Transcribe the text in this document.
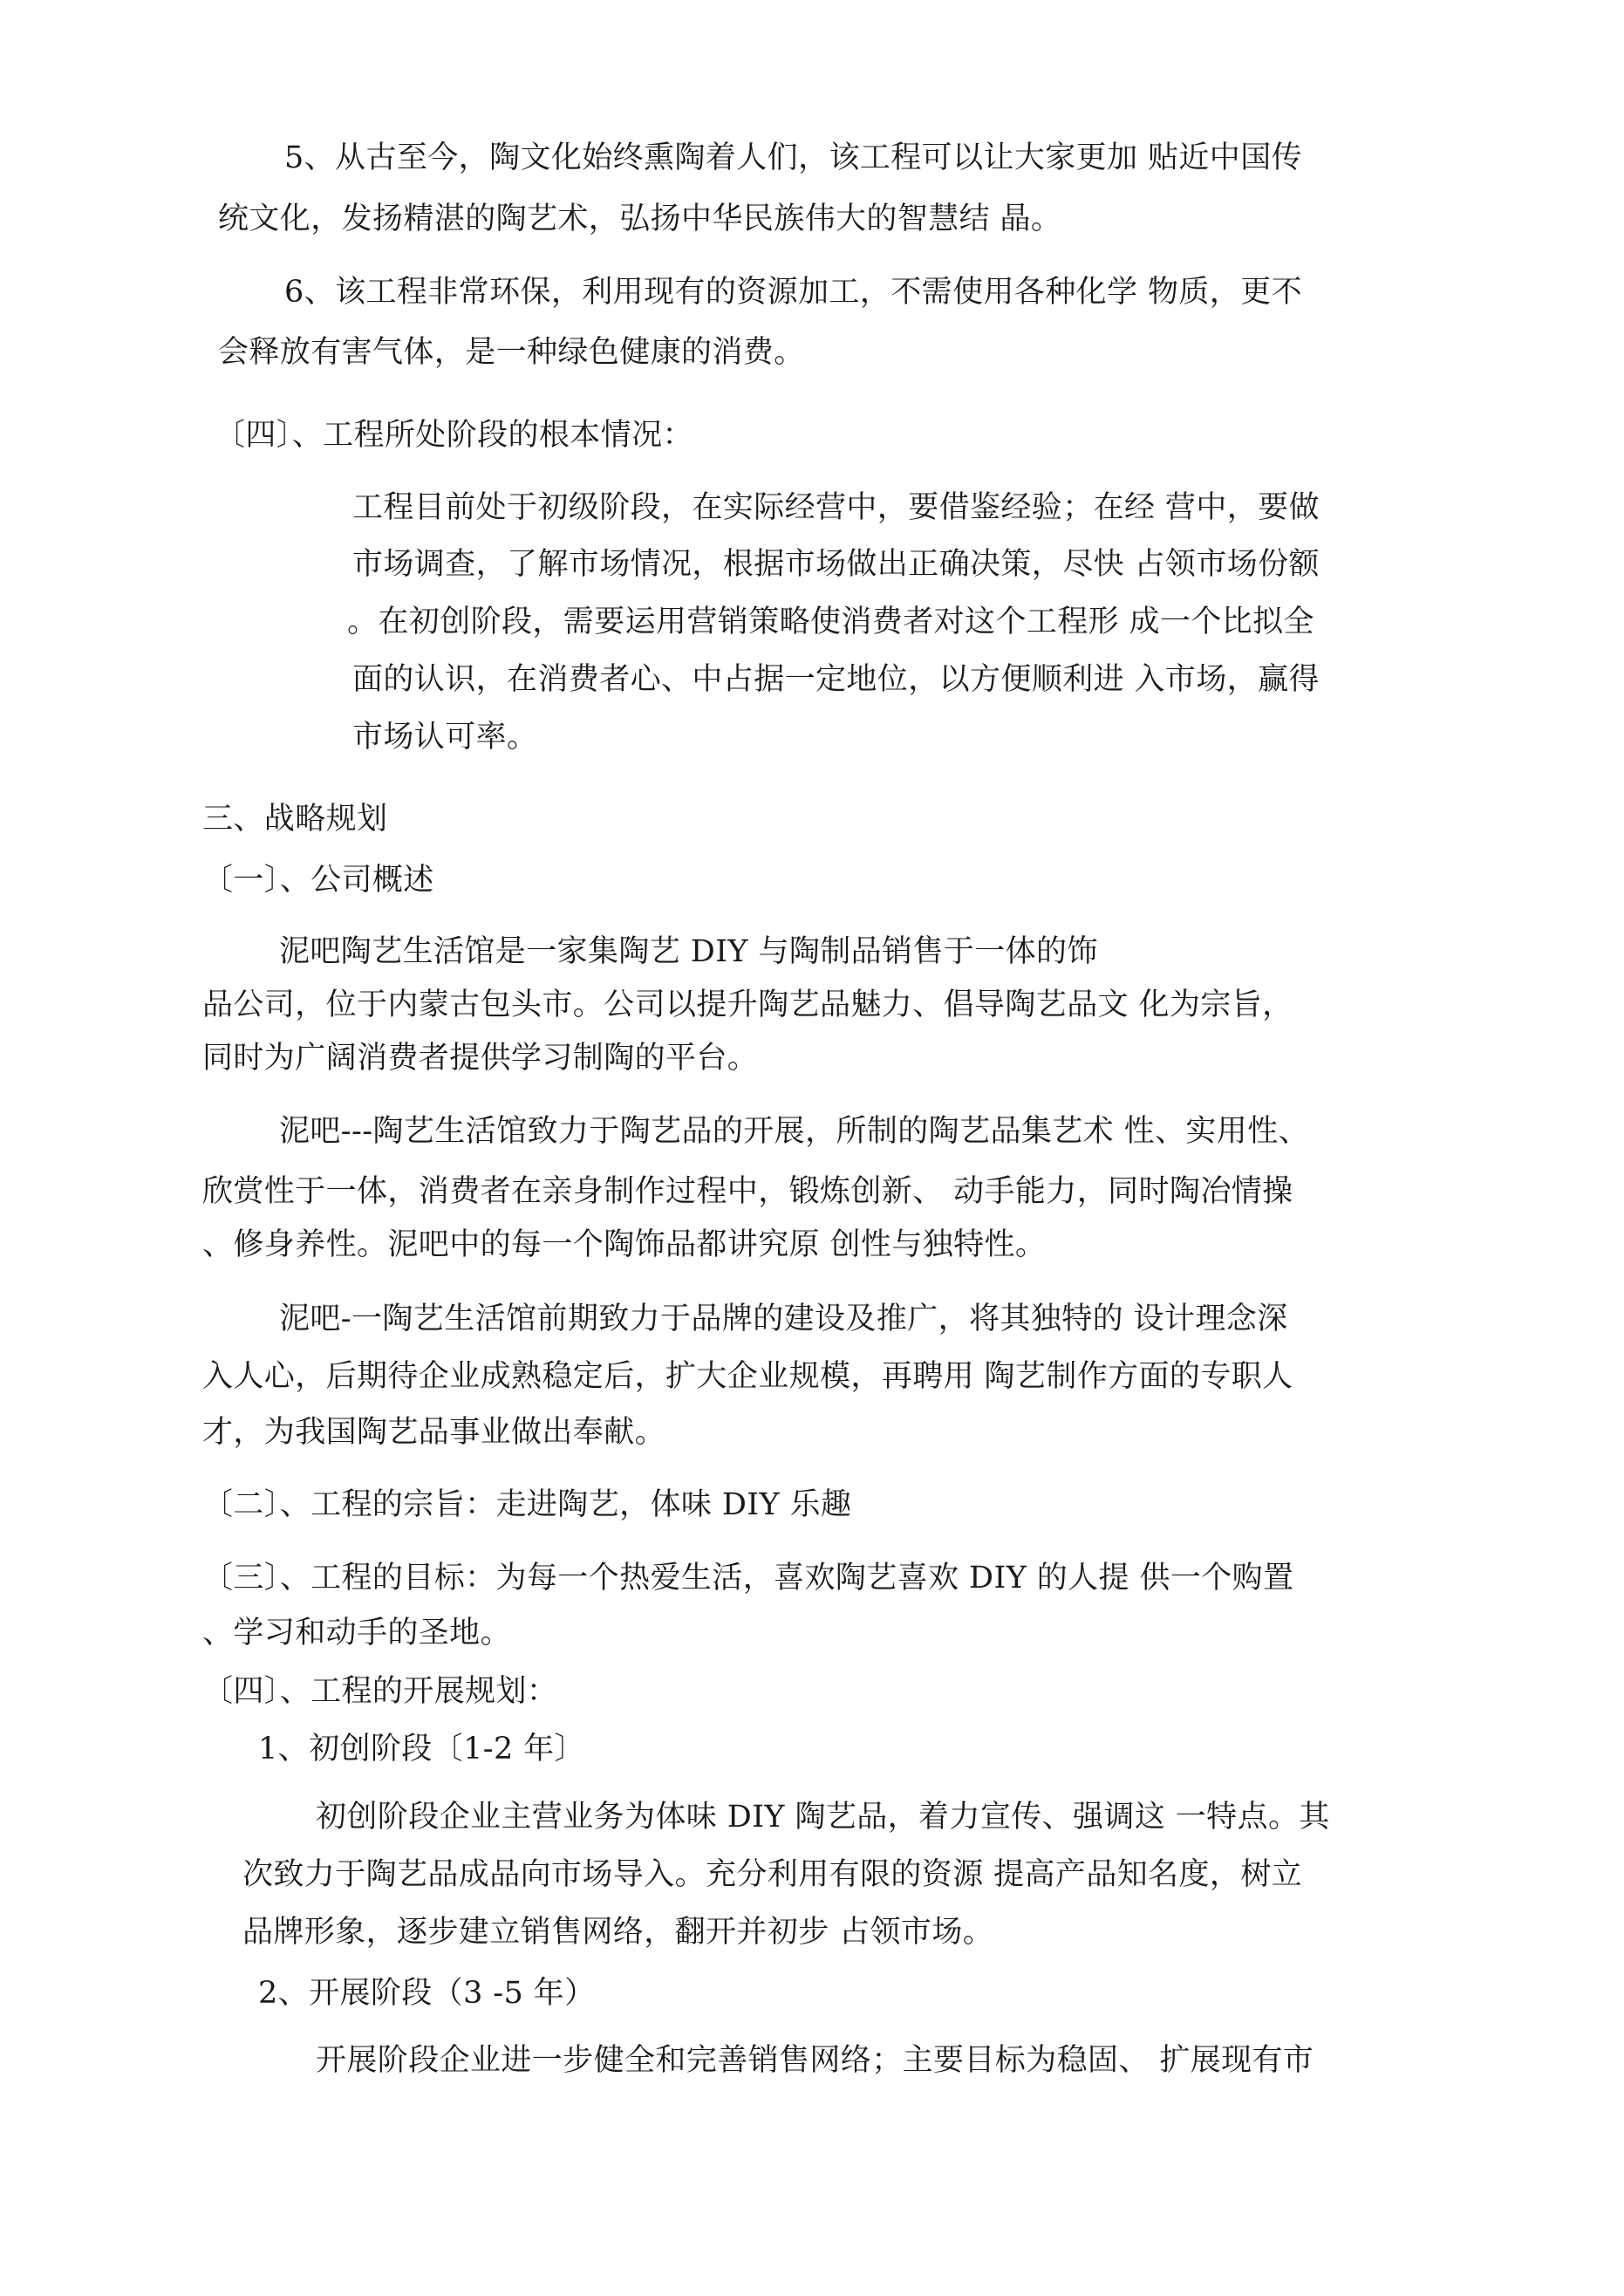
5、从古至今，陶文化始终熏陶着人们，该工程可以让大家更加 贴近中国传
统文化，发扬精湛的陶艺术，弘扬中华民族伟大的智慧结 晶。
6、该工程非常环保，利用现有的资源加工，不需使用各种化学 物质，更不
会释放有害气体，是一种绿色健康的消费。
〔四〕、工程所处阶段的根本情况：
工程目前处于初级阶段，在实际经营中，要借鉴经验；在经 营中，要做
市场调查，了解市场情况，根据市场做出正确决策，尽快 占领市场份额
。在初创阶段，需要运用营销策略使消费者对这个工程形 成一个比拟全
面的认识，在消费者心、中占据一定地位，以方便顺利进 入市场，赢得
市场认可率。
三、战略规划
〔一〕、公司概述
泥吧陶艺生活馆是一家集陶艺 DIY 与陶制品销售于一体的饰
品公司，位于内蒙古包头市。公司以提升陶艺品魅力、倡导陶艺品文 化为宗旨，
同时为广阔消费者提供学习制陶的平台。
泥吧---陶艺生活馆致力于陶艺品的开展，所制的陶艺品集艺术 性、实用性、
欣赏性于一体，消费者在亲身制作过程中，锻炼创新、 动手能力，同时陶冶情操
、修身养性。泥吧中的每一个陶饰品都讲究原 创性与独特性。
泥吧-一陶艺生活馆前期致力于品牌的建设及推广，将其独特的 设计理念深
入人心，后期待企业成熟稳定后，扩大企业规模，再聘用 陶艺制作方面的专职人
才，为我国陶艺品事业做出奉献。
〔二〕、工程的宗旨：走进陶艺，体味 DIY 乐趣
〔三〕、工程的目标：为每一个热爱生活，喜欢陶艺喜欢 DIY 的人提 供一个购置
、学习和动手的圣地。
〔四〕、工程的开展规划：
1、初创阶段〔1-2 年〕
初创阶段企业主营业务为体味 DIY 陶艺品，着力宣传、强调这 一特点。其
次致力于陶艺品成品向市场导入。充分利用有限的资源 提高产品知名度，树立
品牌形象，逐步建立销售网络，翻开并初步 占领市场。
2、开展阶段（3 -5 年）
开展阶段企业进一步健全和完善销售网络；主要目标为稳固、 扩展现有市
